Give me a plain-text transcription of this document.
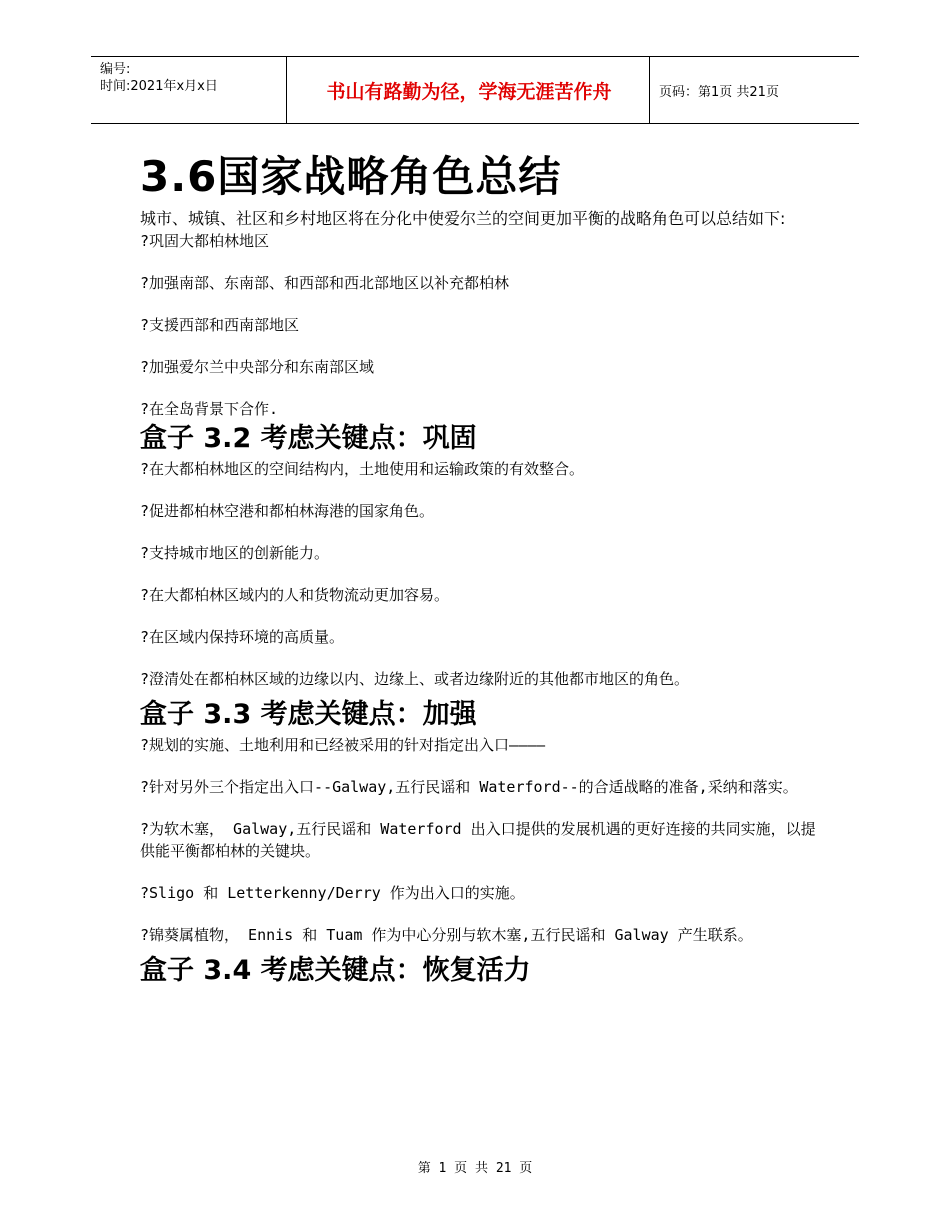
编号:
时间:2021年x月x日	书山有路勤为径，学海无涯苦作舟	页码：第1页 共21页
3.6国家战略角色总结

城市、城镇、社区和乡村地区将在分化中使爱尔兰的空间更加平衡的战略角色可以总结如下:

?巩固大都柏林地区

?加强南部、东南部、和西部和西北部地区以补充都柏林

?支援西部和西南部地区

?加强爱尔兰中央部分和东南部区域

?在全岛背景下合作.

盒子 3.2 考虑关键点：巩固

?在大都柏林地区的空间结构内，土地使用和运输政策的有效整合。

?促进都柏林空港和都柏林海港的国家角色。

?支持城市地区的创新能力。

?在大都柏林区域内的人和货物流动更加容易。

?在区域内保持环境的高质量。

?澄清处在都柏林区域的边缘以内、边缘上、或者边缘附近的其他都市地区的角色。

盒子 3.3 考虑关键点：加强

?规划的实施、土地利用和已经被采用的针对指定出入口————

?针对另外三个指定出入口--Galway,五行民谣和 Waterford--的合适战略的准备,采纳和落实。

?为软木塞， Galway,五行民谣和 Waterford 出入口提供的发展机遇的更好连接的共同实施，以提供能平衡都柏林的关键块。

?Sligo 和 Letterkenny/Derry 作为出入口的实施。

?锦葵属植物， Ennis 和 Tuam 作为中心分别与软木塞,五行民谣和 Galway 产生联系。

盒子 3.4 考虑关键点：恢复活力
第 1 页 共 21 页
